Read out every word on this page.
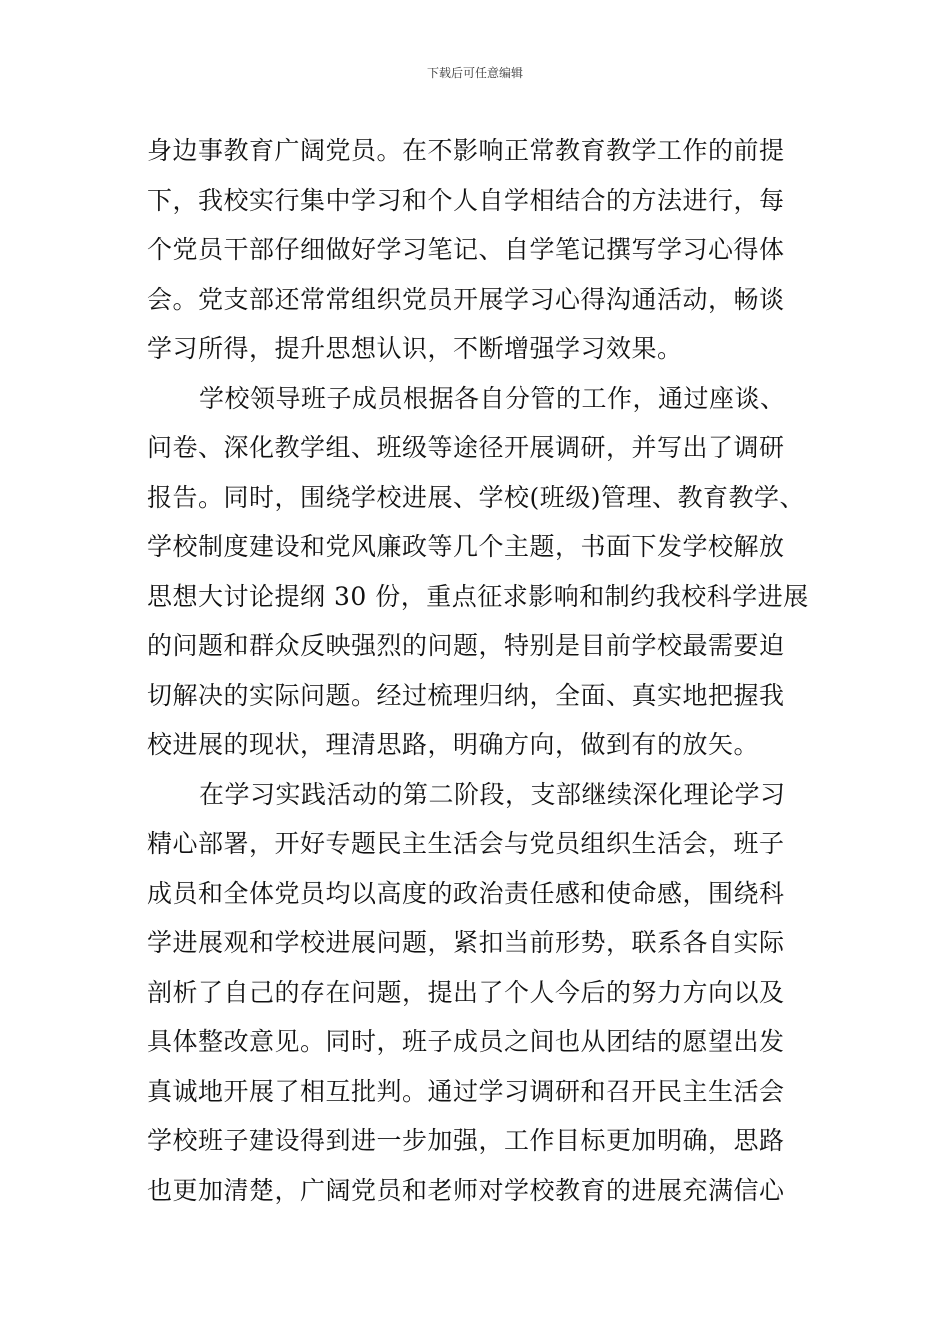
下载后可任意编辑
身边事教育广阔党员。在不影响正常教育教学工作的前提
下，我校实行集中学习和个人自学相结合的方法进行，每
个党员干部仔细做好学习笔记、自学笔记撰写学习心得体
会。党支部还常常组织党员开展学习心得沟通活动，畅谈
学习所得，提升思想认识，不断增强学习效果。
学校领导班子成员根据各自分管的工作，通过座谈、
问卷、深化教学组、班级等途径开展调研，并写出了调研
报告。同时，围绕学校进展、学校(班级)管理、教育教学、
学校制度建设和党风廉政等几个主题，书面下发学校解放
思想大讨论提纲 30 份，重点征求影响和制约我校科学进展
的问题和群众反映强烈的问题，特别是目前学校最需要迫
切解决的实际问题。经过梳理归纳，全面、真实地把握我
校进展的现状，理清思路，明确方向，做到有的放矢。
在学习实践活动的第二阶段，支部继续深化理论学习
精心部署，开好专题民主生活会与党员组织生活会，班子
成员和全体党员均以高度的政治责任感和使命感，围绕科
学进展观和学校进展问题，紧扣当前形势，联系各自实际
剖析了自己的存在问题，提出了个人今后的努力方向以及
具体整改意见。同时，班子成员之间也从团结的愿望出发
真诚地开展了相互批判。通过学习调研和召开民主生活会
学校班子建设得到进一步加强，工作目标更加明确，思路
也更加清楚，广阔党员和老师对学校教育的进展充满信心
